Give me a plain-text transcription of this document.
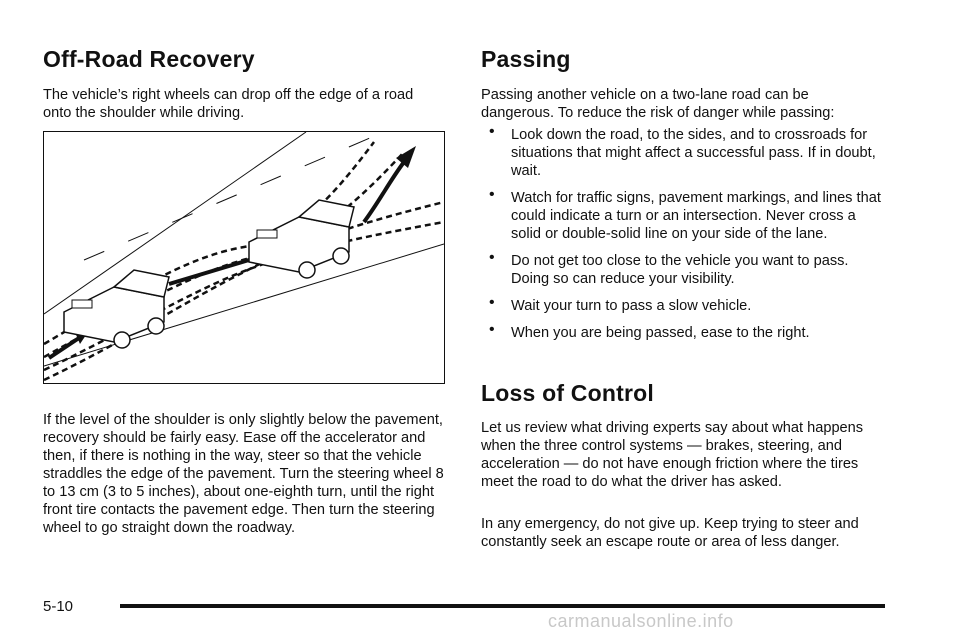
Off-Road Recovery

The vehicle’s right wheels can drop off the edge of a road onto the shoulder while driving.

If the level of the shoulder is only slightly below the pavement, recovery should be fairly easy. Ease off the accelerator and then, if there is nothing in the way, steer so that the vehicle straddles the edge of the pavement. Turn the steering wheel 8 to 13 cm (3 to 5 inches), about one-eighth turn, until the right front tire contacts the pavement edge. Then turn the steering wheel to go straight down the roadway.

Passing

Passing another vehicle on a two-lane road can be dangerous. To reduce the risk of danger while passing:

• Look down the road, to the sides, and to crossroads for situations that might affect a successful pass. If in doubt, wait.
• Watch for traffic signs, pavement markings, and lines that could indicate a turn or an intersection. Never cross a solid or double-solid line on your side of the lane.
• Do not get too close to the vehicle you want to pass. Doing so can reduce your visibility.
• Wait your turn to pass a slow vehicle.
• When you are being passed, ease to the right.
Loss of Control

Let us review what driving experts say about what happens when the three control systems — brakes, steering, and acceleration — do not have enough friction where the tires meet the road to do what the driver has asked.

In any emergency, do not give up. Keep trying to steer and constantly seek an escape route or area of less danger.

5-10
carmanualsonline.info
